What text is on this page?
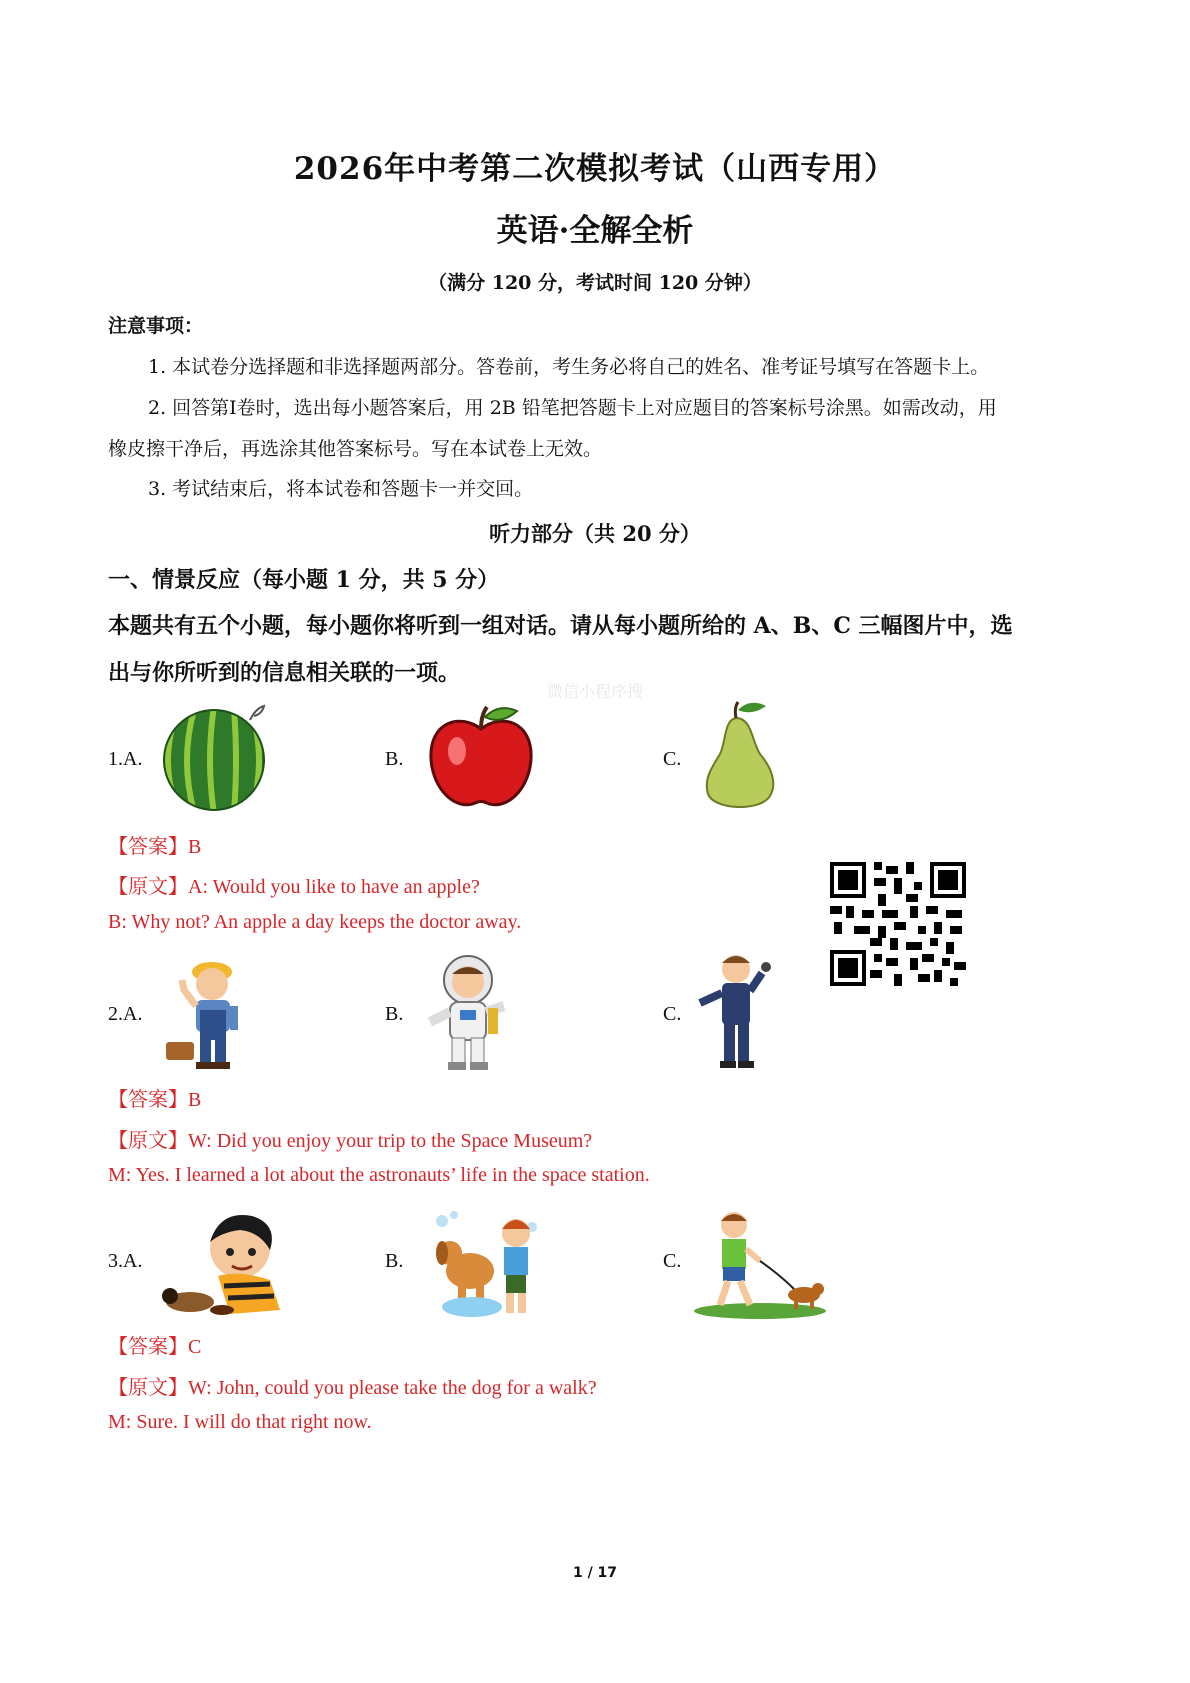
2026年中考第二次模拟考试（山西专用）
英语·全解全析
（满分 120 分，考试时间 120 分钟）
注意事项：
1. 本试卷分选择题和非选择题两部分。答卷前，考生务必将自己的姓名、准考证号填写在答题卡上。
2. 回答第Ⅰ卷时，选出每小题答案后，用 2B 铅笔把答题卡上对应题目的答案标号涂黑。如需改动，用
橡皮擦干净后，再选涂其他答案标号。写在本试卷上无效。
3. 考试结束后，将本试卷和答题卡一并交回。
听力部分（共 20 分）
一、情景反应（每小题 1 分，共 5 分）
本题共有五个小题，每小题你将听到一组对话。请从每小题所给的 A、B、C 三幅图片中，选
出与你所听到的信息相关联的一项。
微信小程序搜
1.A.	B.	C.
【答案】B
【原文】A: Would you like to have an apple?
B: Why not? An apple a day keeps the doctor away.
2.A.	B.	C.
【答案】B
【原文】W: Did you enjoy your trip to the Space Museum?
M: Yes. I learned a lot about the astronauts’ life in the space station.
3.A.	B.	C.
【答案】C
【原文】W: John, could you please take the dog for a walk?
M: Sure. I will do that right now.
1 / 17
